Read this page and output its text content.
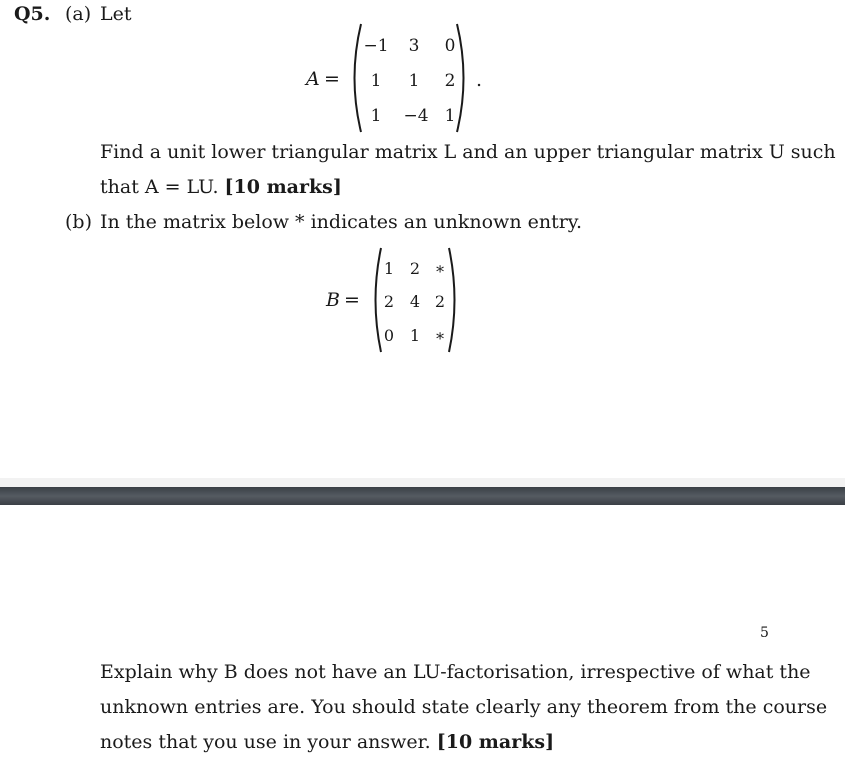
Q5. (a) Let
A =
−1	3	0
1	1	2
1	−4 1
.
Find a unit lower triangular matrix L and an upper triangular matrix U such
that A = LU. [10 marks]
(b) In the matrix below * indicates an unknown entry.
B =
1 2 ∗
2 4 2
0 1 ∗
5
Explain why B does not have an LU-factorisation, irrespective of what the
unknown entries are. You should state clearly any theorem from the course
notes that you use in your answer. [10 marks]
